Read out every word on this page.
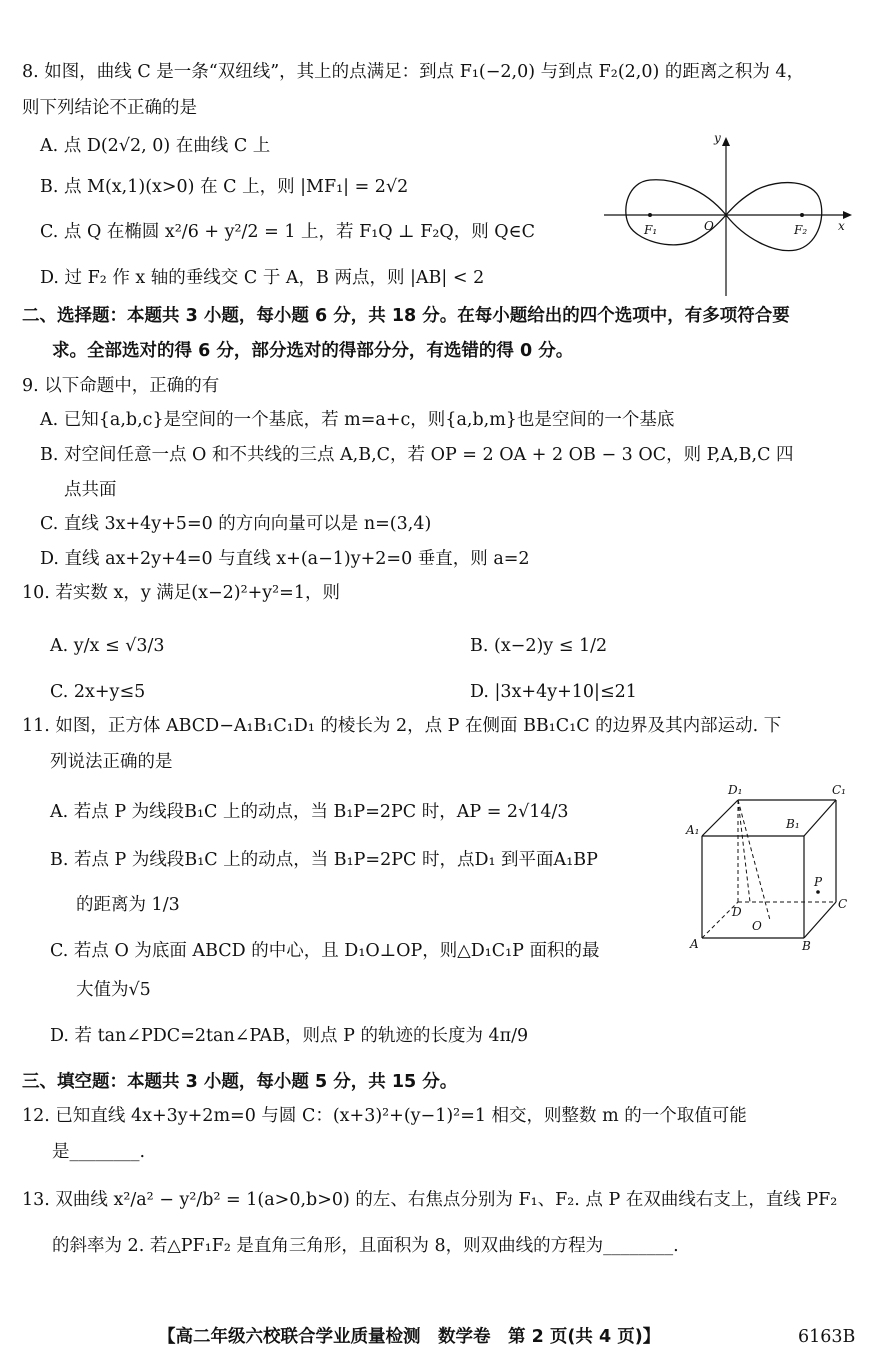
8. 如图，曲线 C 是一条“双纽线”，其上的点满足：到点 F₁(−2,0) 与到点 F₂(2,0) 的距离之积为 4，
则下列结论不正确的是
A. 点 D(2√2, 0) 在曲线 C 上
B. 点 M(x,1)(x>0) 在 C 上，则 |MF₁| = 2√2
C. 点 Q 在椭圆 x²/6 + y²/2 = 1 上，若 F₁Q ⊥ F₂Q，则 Q∈C
D. 过 F₂ 作 x 轴的垂线交 C 于 A，B 两点，则 |AB| < 2
y
x
O
F₁	F₂
二、选择题：本题共 3 小题，每小题 6 分，共 18 分。在每小题给出的四个选项中，有多项符合要
求。全部选对的得 6 分，部分选对的得部分分，有选错的得 0 分。
9. 以下命题中，正确的有
A. 已知{a,b,c}是空间的一个基底，若 m=a+c，则{a,b,m}也是空间的一个基底
B. 对空间任意一点 O 和不共线的三点 A,B,C，若 OP = 2 OA + 2 OB − 3 OC，则 P,A,B,C 四
点共面
C. 直线 3x+4y+5=0 的方向向量可以是 n=(3,4)
D. 直线 ax+2y+4=0 与直线 x+(a−1)y+2=0 垂直，则 a=2
10. 若实数 x，y 满足(x−2)²+y²=1，则
A. y/x ≤ √3/3	B. (x−2)y ≤ 1/2
C. 2x+y≤5	D. |3x+4y+10|≤21
11. 如图，正方体 ABCD−A₁B₁C₁D₁ 的棱长为 2，点 P 在侧面 BB₁C₁C 的边界及其内部运动. 下
列说法正确的是
A. 若点 P 为线段B₁C 上的动点，当 B₁P=2PC 时，AP = 2√14/3
B. 若点 P 为线段B₁C 上的动点，当 B₁P=2PC 时，点D₁ 到平面A₁BP
的距离为 1/3
C. 若点 O 为底面 ABCD 的中心，且 D₁O⊥OP，则△D₁C₁P 面积的最
大值为√5
D. 若 tan∠PDC=2tan∠PAB，则点 P 的轨迹的长度为 4π/9
D₁	C₁
A₁	B₁
P
C
D
O
A	B
三、填空题：本题共 3 小题，每小题 5 分，共 15 分。
12. 已知直线 4x+3y+2m=0 与圆 C：(x+3)²+(y−1)²=1 相交，则整数 m 的一个取值可能
是________.
13. 双曲线 x²/a² − y²/b² = 1(a>0,b>0) 的左、右焦点分别为 F₁、F₂. 点 P 在双曲线右支上，直线 PF₂
的斜率为 2. 若△PF₁F₂ 是直角三角形，且面积为 8，则双曲线的方程为________.
【高二年级六校联合学业质量检测　数学卷　第 2 页(共 4 页)】	6163B
